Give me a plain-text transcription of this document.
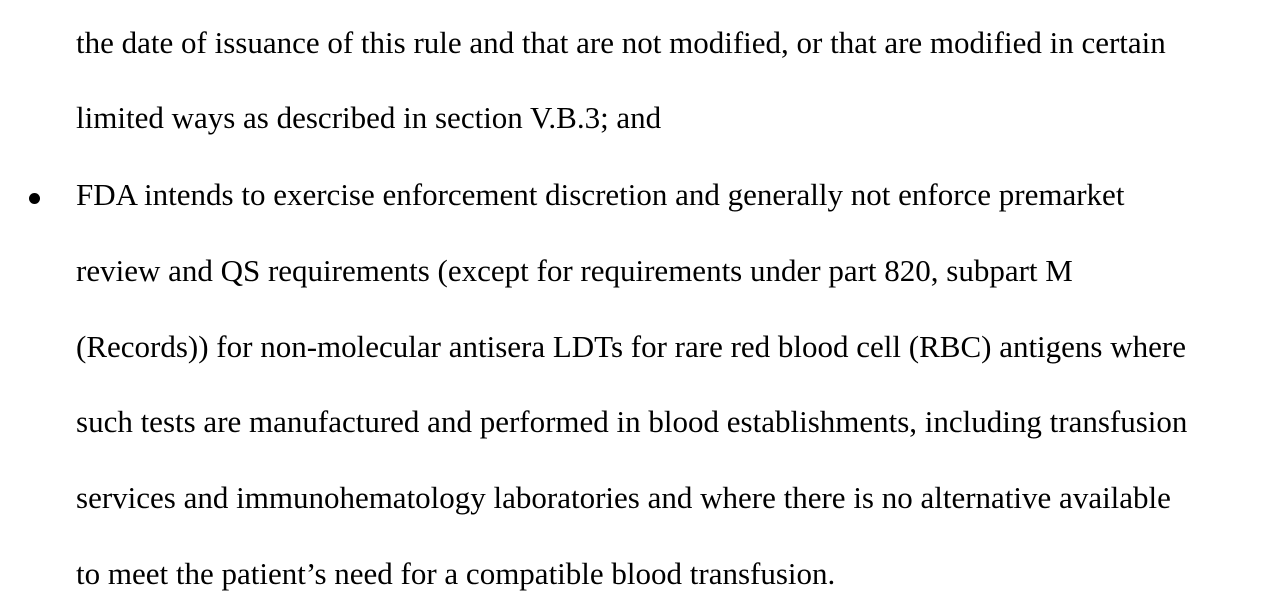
the date of issuance of this rule and that are not modified, or that are modified in certain
limited ways as described in section V.B.3; and
FDA intends to exercise enforcement discretion and generally not enforce premarket
review and QS requirements (except for requirements under part 820, subpart M
(Records)) for non-molecular antisera LDTs for rare red blood cell (RBC) antigens where
such tests are manufactured and performed in blood establishments, including transfusion
services and immunohematology laboratories and where there is no alternative available
to meet the patient’s need for a compatible blood transfusion.
